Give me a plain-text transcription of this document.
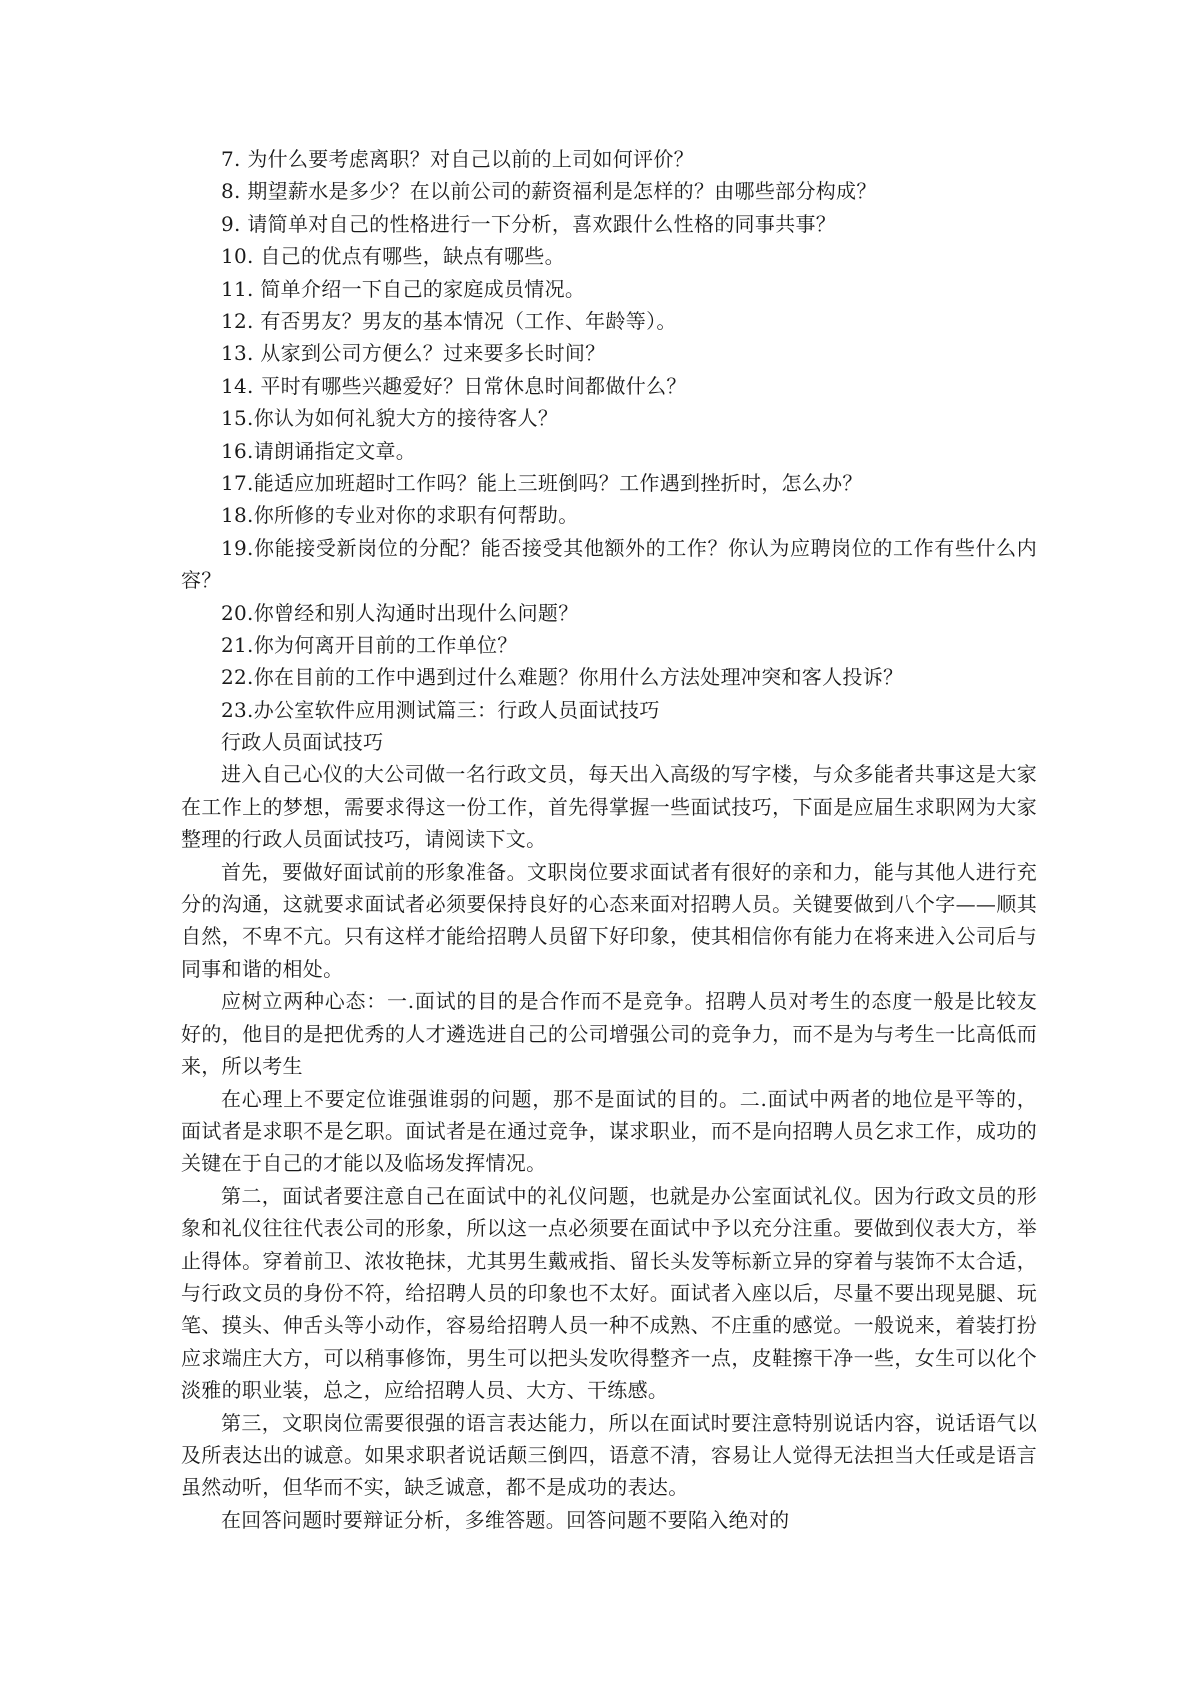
7. 为什么要考虑离职？对自己以前的上司如何评价？
8. 期望薪水是多少？在以前公司的薪资福利是怎样的？由哪些部分构成？
9. 请简单对自己的性格进行一下分析，喜欢跟什么性格的同事共事？
10. 自己的优点有哪些，缺点有哪些。
11. 简单介绍一下自己的家庭成员情况。
12. 有否男友？男友的基本情况（工作、年龄等）。
13. 从家到公司方便么？过来要多长时间？
14. 平时有哪些兴趣爱好？日常休息时间都做什么？
15.你认为如何礼貌大方的接待客人？
16.请朗诵指定文章。
17.能适应加班超时工作吗？能上三班倒吗？工作遇到挫折时，怎么办？
18.你所修的专业对你的求职有何帮助。

19.你能接受新岗位的分配？能否接受其他额外的工作？你认为应聘岗位的工作有些什么内容？

20.你曾经和别人沟通时出现什么问题？
21.你为何离开目前的工作单位？
22.你在目前的工作中遇到过什么难题？你用什么方法处理冲突和客人投诉？
23.办公室软件应用测试篇三：行政人员面试技巧
行政人员面试技巧

进入自己心仪的大公司做一名行政文员，每天出入高级的写字楼，与众多能者共事这是大家在工作上的梦想，需要求得这一份工作，首先得掌握一些面试技巧，下面是应届生求职网为大家整理的行政人员面试技巧，请阅读下文。

首先，要做好面试前的形象准备。文职岗位要求面试者有很好的亲和力，能与其他人进行充分的沟通，这就要求面试者必须要保持良好的心态来面对招聘人员。关键要做到八个字——顺其自然，不卑不亢。只有这样才能给招聘人员留下好印象，使其相信你有能力在将来进入公司后与同事和谐的相处。

应树立两种心态：一.面试的目的是合作而不是竞争。招聘人员对考生的态度一般是比较友好的，他目的是把优秀的人才遴选进自己的公司增强公司的竞争力，而不是为与考生一比高低而来，所以考生

在心理上不要定位谁强谁弱的问题，那不是面试的目的。二.面试中两者的地位是平等的，面试者是求职不是乞职。面试者是在通过竞争，谋求职业，而不是向招聘人员乞求工作，成功的关键在于自己的才能以及临场发挥情况。

第二，面试者要注意自己在面试中的礼仪问题，也就是办公室面试礼仪。因为行政文员的形象和礼仪往往代表公司的形象，所以这一点必须要在面试中予以充分注重。要做到仪表大方，举止得体。穿着前卫、浓妆艳抹，尤其男生戴戒指、留长头发等标新立异的穿着与装饰不太合适，与行政文员的身份不符，给招聘人员的印象也不太好。面试者入座以后，尽量不要出现晃腿、玩笔、摸头、伸舌头等小动作，容易给招聘人员一种不成熟、不庄重的感觉。一般说来，着装打扮应求端庄大方，可以稍事修饰，男生可以把头发吹得整齐一点，皮鞋擦干净一些，女生可以化个淡雅的职业装，总之，应给招聘人员、大方、干练感。

第三，文职岗位需要很强的语言表达能力，所以在面试时要注意特别说话内容，说话语气以及所表达出的诚意。如果求职者说话颠三倒四，语意不清，容易让人觉得无法担当大任或是语言虽然动听，但华而不实，缺乏诚意，都不是成功的表达。

在回答问题时要辩证分析，多维答题。回答问题不要陷入绝对的
